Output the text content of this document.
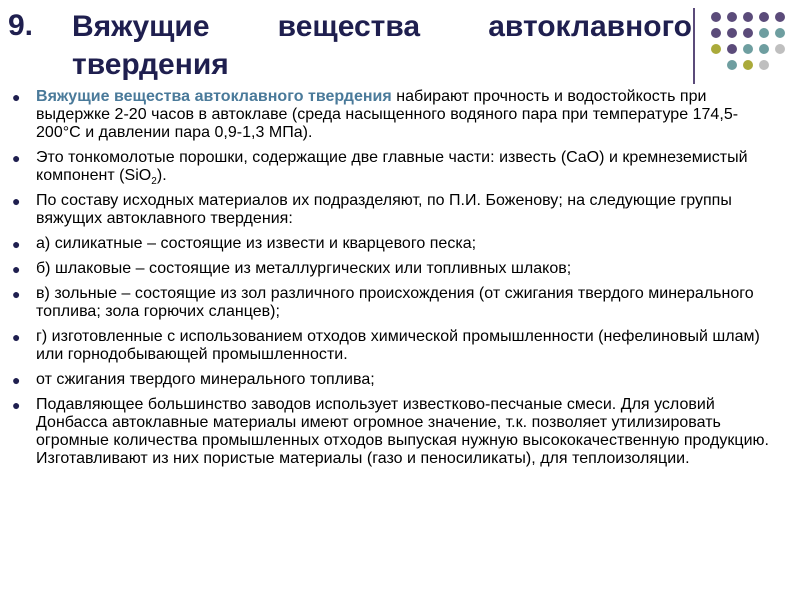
9. Вяжущие вещества автоклавного твердения
● Вяжущие вещества автоклавного твердения набирают прочность и водостойкость при выдержке 2-20 часов в автоклаве (среда насыщенного водяного пара при температуре 174,5-200°С и давлении пара 0,9-1,3 МПа).
● Это тонкомолотые порошки, содержащие две главные части: известь (CaO) и кремнеземистый компонент (SiO$_2$).
● По составу исходных материалов их подразделяют, по П.И. Боженову; на следующие группы вяжущих автоклавного твердения:
● а) силикатные – состоящие из извести и кварцевого песка;
● б) шлаковые – состоящие из металлургических или топливных шлаков;
● в) зольные – состоящие из зол различного происхождения (от сжигания твердого минерального топлива; зола горючих сланцев);
● г) изготовленные с использованием отходов химической промышленности (нефелиновый шлам) или горнодобывающей промышленности.
● от сжигания твердого минерального топлива;
● Подавляющее большинство заводов использует известково-песчаные смеси. Для условий Донбасса автоклавные материалы имеют огромное значение, т.к. позволяет утилизировать огромные количества промышленных отходов выпуская нужную высококачественную продукцию. Изготавливают из них пористые материалы (газо и пеносиликаты), для теплоизоляции.
